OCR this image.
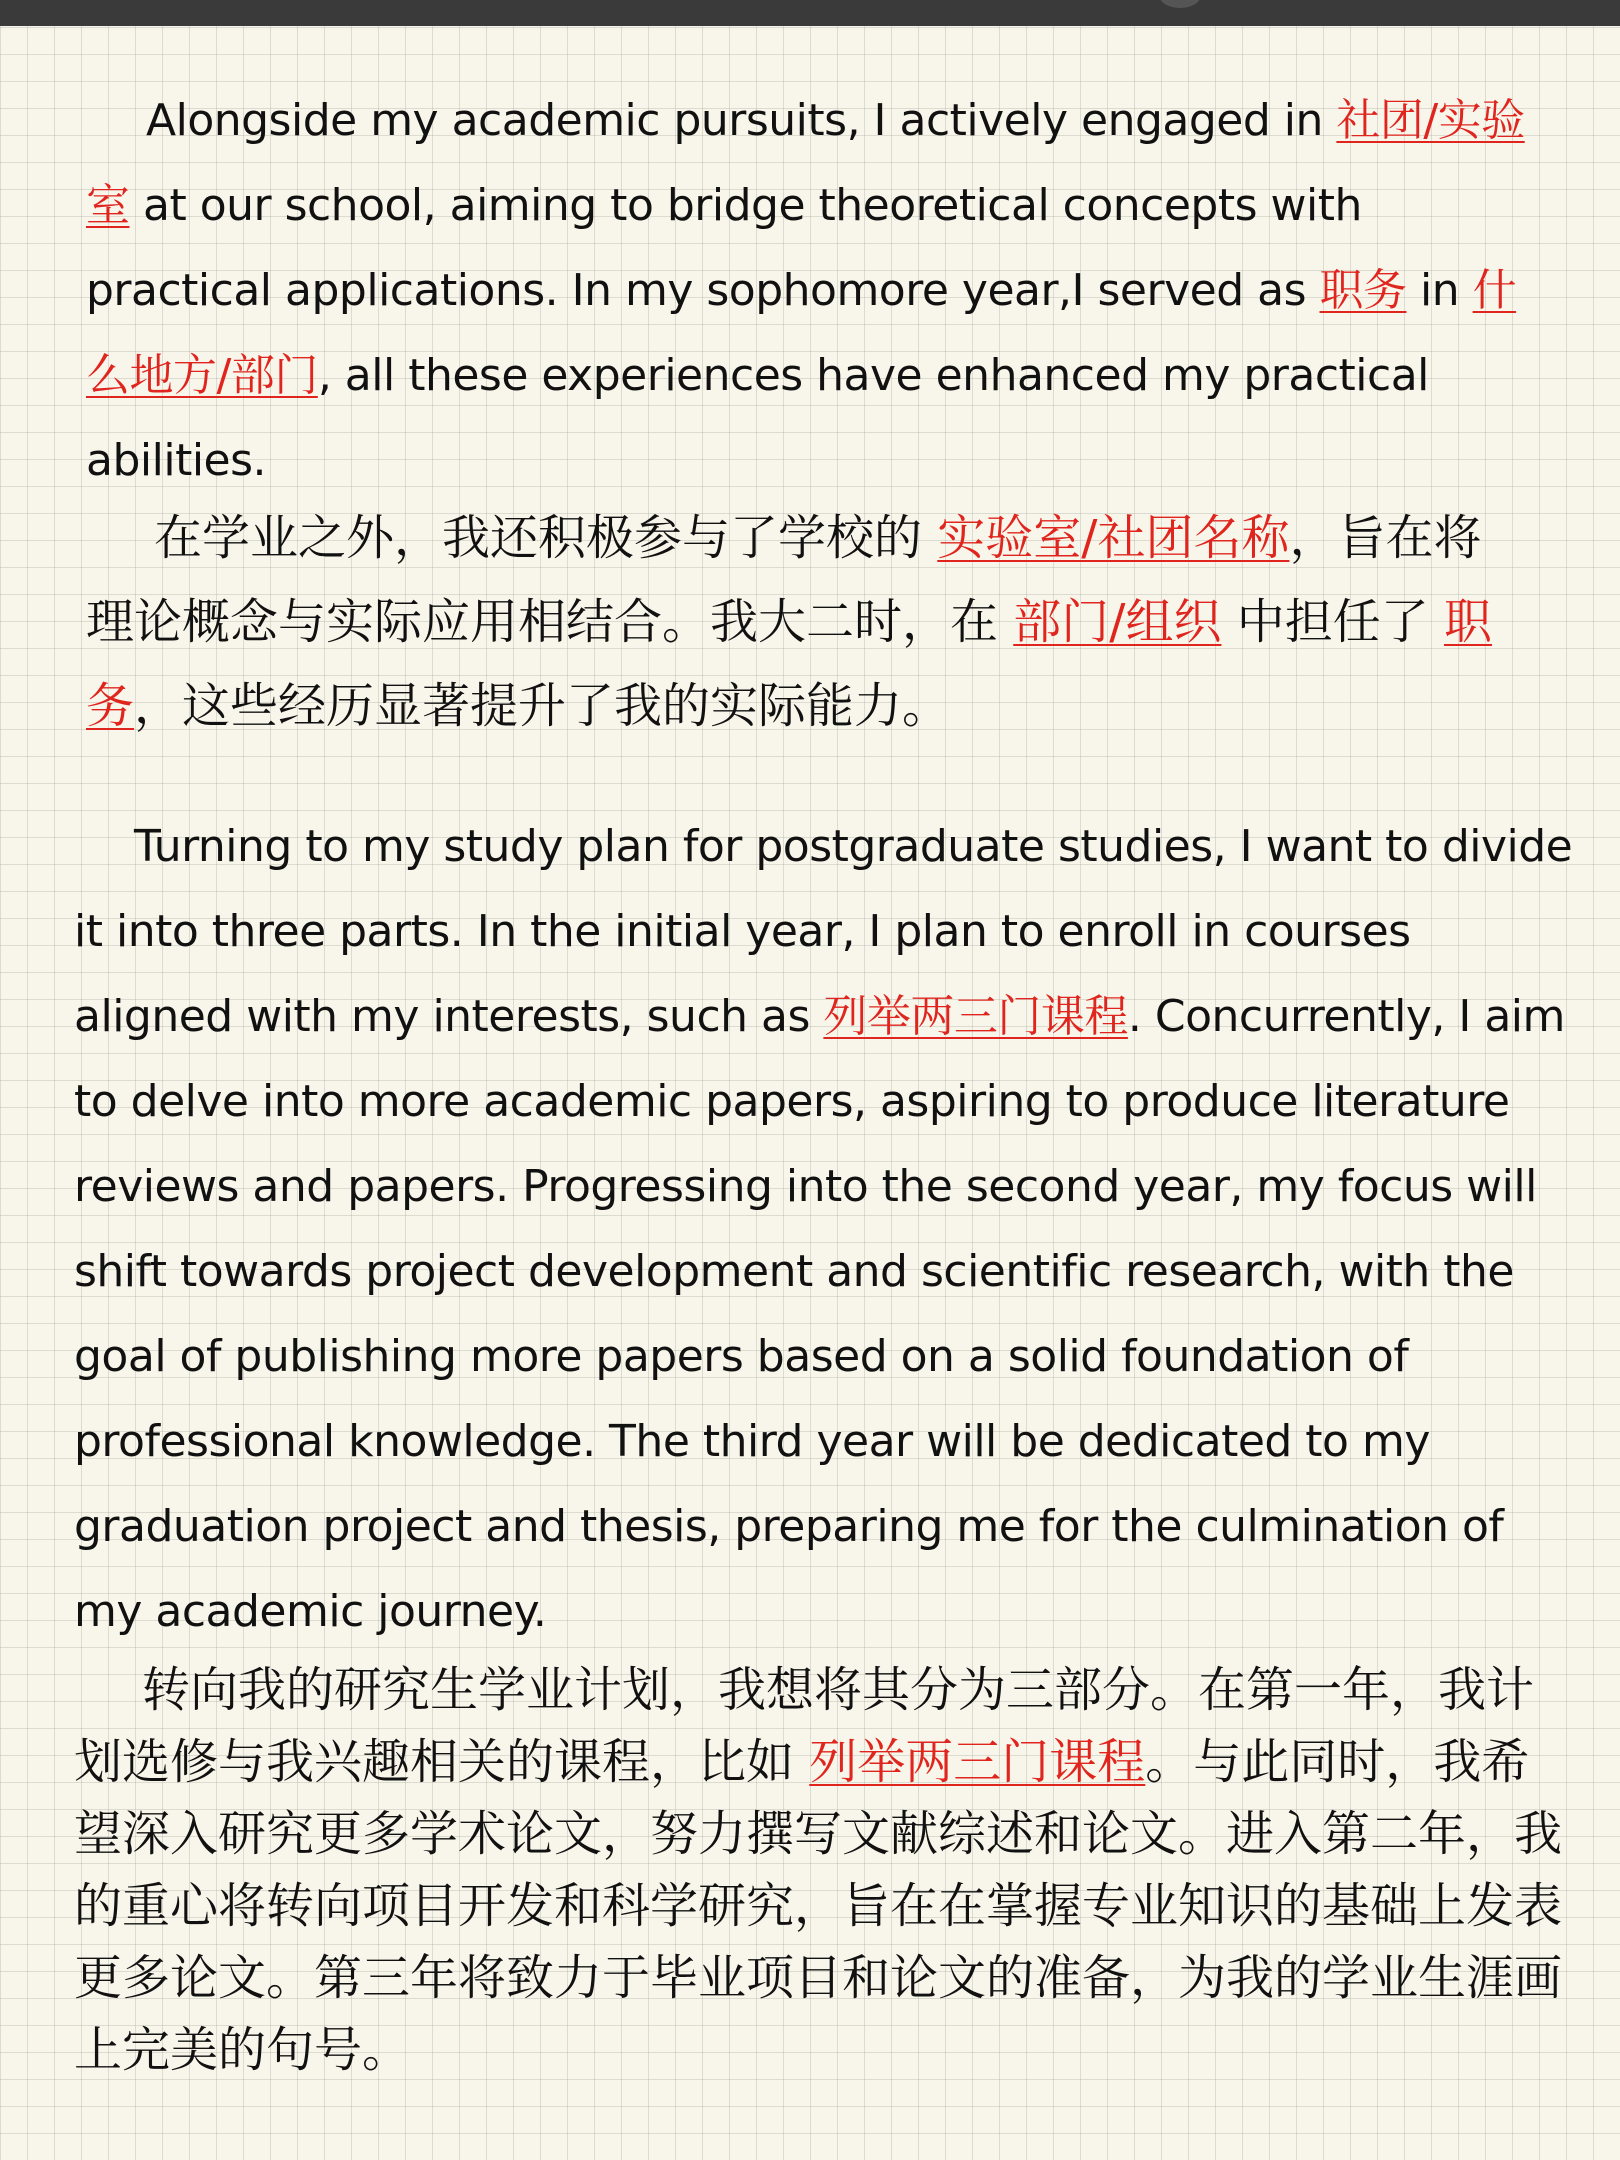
Alongside my academic pursuits, I actively engaged in 社团/实验室 at our school, aiming to bridge theoretical concepts with practical applications. In my sophomore year,I served as 职务 in 什么地方/部门, all these experiences have enhanced my practical abilities.

在学业之外，我还积极参与了学校的 实验室/社团名称，旨在将理论概念与实际应用相结合。我大二时，在 部门/组织 中担任了 职务，这些经历显著提升了我的实际能力。

Turning to my study plan for postgraduate studies, I want to divide it into three parts. In the initial year, I plan to enroll in courses aligned with my interests, such as 列举两三门课程. Concurrently, I aim to delve into more academic papers, aspiring to produce literature reviews and papers. Progressing into the second year, my focus will shift towards project development and scientific research, with the goal of publishing more papers based on a solid foundation of professional knowledge. The third year will be dedicated to my graduation project and thesis, preparing me for the culmination of my academic journey.

转向我的研究生学业计划，我想将其分为三部分。在第一年，我计划选修与我兴趣相关的课程，比如 列举两三门课程。与此同时，我希望深入研究更多学术论文，努力撰写文献综述和论文。进入第二年，我的重心将转向项目开发和科学研究，旨在在掌握专业知识的基础上发表更多论文。第三年将致力于毕业项目和论文的准备，为我的学业生涯画上完美的句号。
